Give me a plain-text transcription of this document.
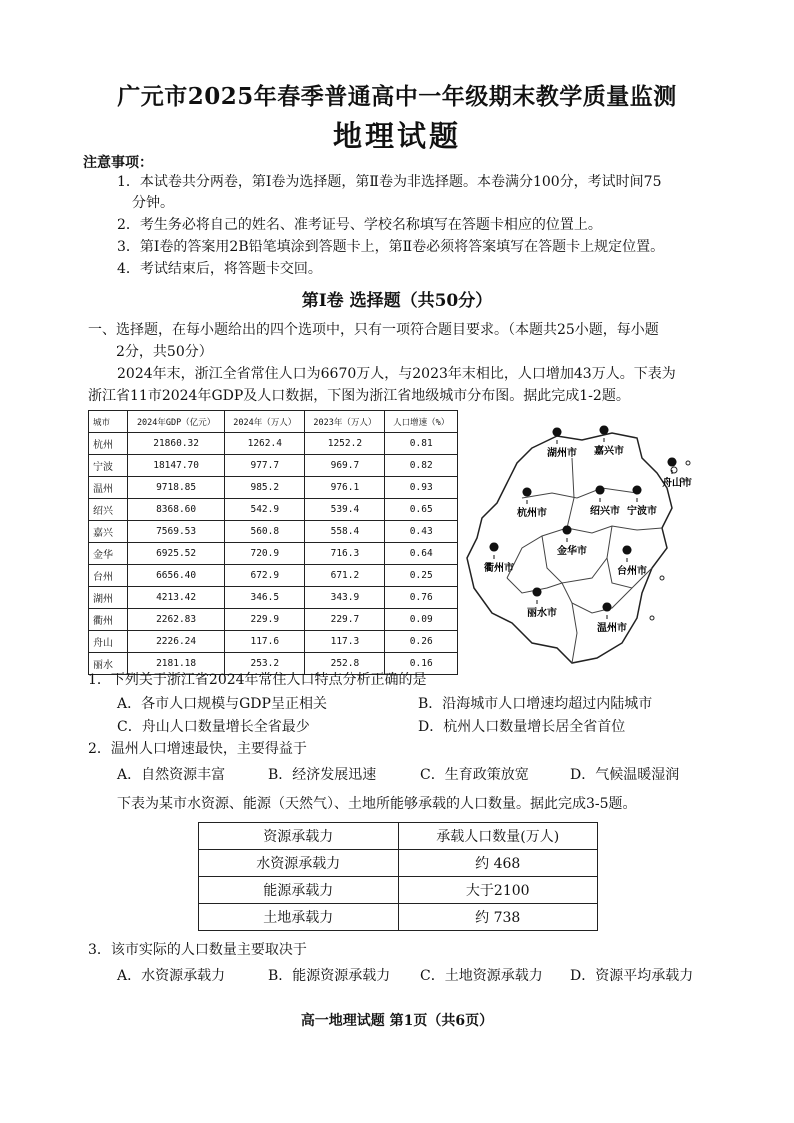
广元市2025年春季普通高中一年级期末教学质量监测
地理试题
注意事项：
1．本试卷共分两卷，第Ⅰ卷为选择题，第Ⅱ卷为非选择题。本卷满分100分，考试时间75
分钟。
2．考生务必将自己的姓名、准考证号、学校名称填写在答题卡相应的位置上。
3．第Ⅰ卷的答案用2B铅笔填涂到答题卡上，第Ⅱ卷必须将答案填写在答题卡上规定位置。
4．考试结束后，将答题卡交回。
第Ⅰ卷 选择题（共50分）
一、选择题，在每小题给出的四个选项中，只有一项符合题目要求。（本题共25小题，每小题
2分，共50分）
2024年末，浙江全省常住人口为6670万人，与2023年末相比，人口增加43万人。下表为
浙江省11市2024年GDP及人口数据，下图为浙江省地级城市分布图。据此完成1-2题。
城市	2024年GDP（亿元）	2024年（万人）	2023年（万人）	人口增速（%）
杭州	21860.32	1262.4	1252.2	0.81
宁波	18147.70	977.7	969.7	0.82
温州	9718.85	985.2	976.1	0.93
绍兴	8368.60	542.9	539.4	0.65
嘉兴	7569.53	560.8	558.4	0.43
金华	6925.52	720.9	716.3	0.64
台州	6656.40	672.9	671.2	0.25
湖州	4213.42	346.5	343.9	0.76
衢州	2262.83	229.9	229.7	0.09
舟山	2226.24	117.6	117.3	0.26
丽水	2181.18	253.2	252.8	0.16
湖州市 嘉兴市
舟山市
杭州市	绍兴市 宁波市
衢州市
金华市
台州市
丽水市
温州市
1．下列关于浙江省2024年常住人口特点分析正确的是
A．各市人口规模与GDP呈正相关	B．沿海城市人口增速均超过内陆城市
C．舟山人口数量增长全省最少	D．杭州人口数量增长居全省首位
2．温州人口增速最快，主要得益于
A．自然资源丰富	B．经济发展迅速	C．生育政策放宽	D．气候温暖湿润
下表为某市水资源、能源（天然气）、土地所能够承载的人口数量。据此完成3-5题。
资源承载力	承载人口数量(万人)
水资源承载力	约 468
能源承载力	大于2100
土地承载力	约 738
3．该市实际的人口数量主要取决于
A．水资源承载力	B．能源资源承载力 C．土地资源承载力 D．资源平均承载力
高一地理试题 第1页（共6页）
